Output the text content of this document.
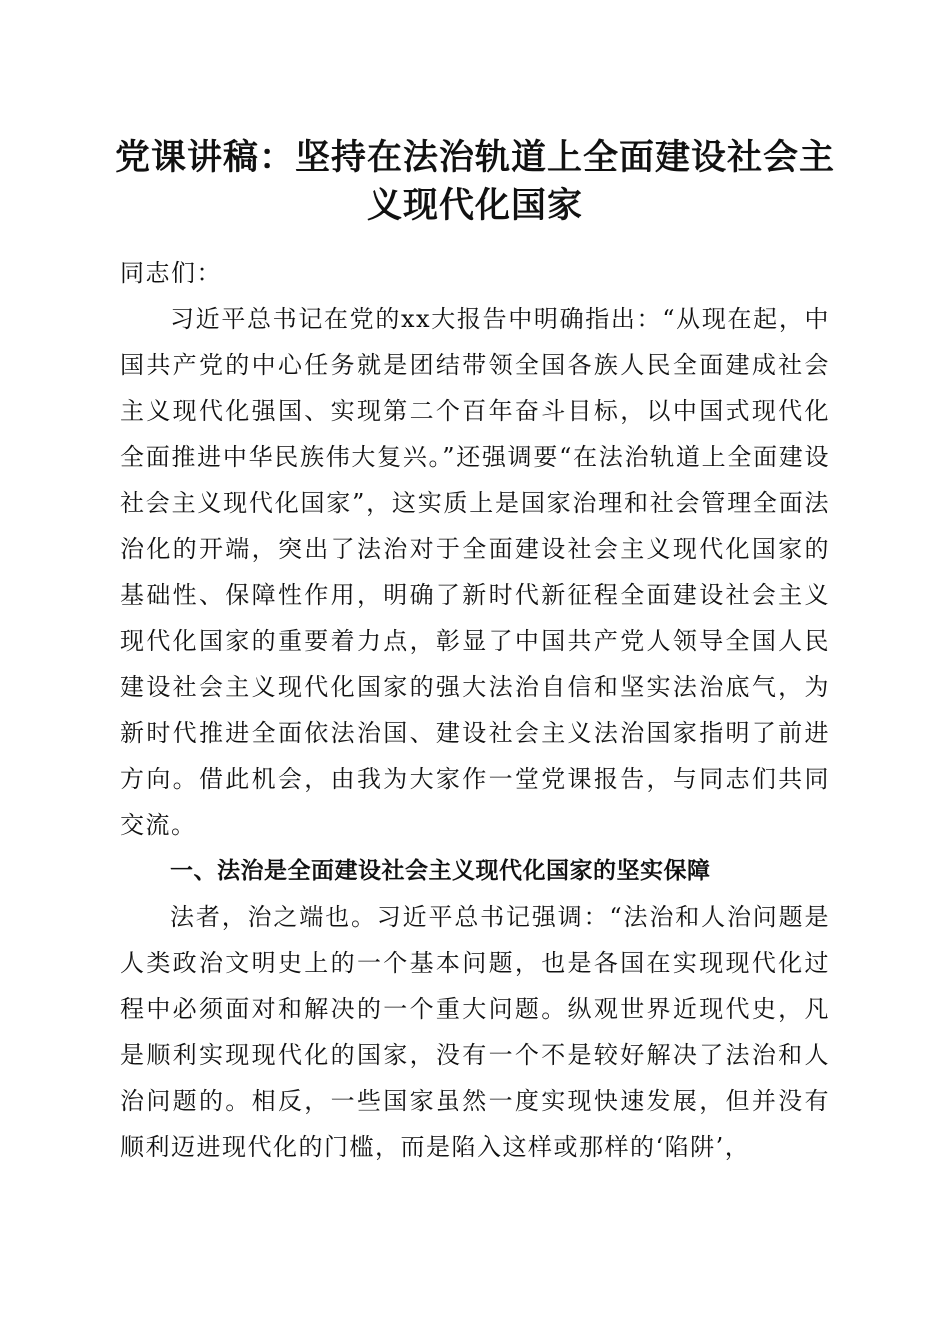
党课讲稿：坚持在法治轨道上全面建设社会主义现代化国家

同志们：

习近平总书记在党的xx大报告中明确指出：“从现在起，中国共产党的中心任务就是团结带领全国各族人民全面建成社会主义现代化强国、实现第二个百年奋斗目标，以中国式现代化全面推进中华民族伟大复兴。”还强调要“在法治轨道上全面建设社会主义现代化国家”，这实质上是国家治理和社会管理全面法治化的开端，突出了法治对于全面建设社会主义现代化国家的基础性、保障性作用，明确了新时代新征程全面建设社会主义现代化国家的重要着力点，彰显了中国共产党人领导全国人民建设社会主义现代化国家的强大法治自信和坚实法治底气，为新时代推进全面依法治国、建设社会主义法治国家指明了前进方向。借此机会，由我为大家作一堂党课报告，与同志们共同交流。

一、法治是全面建设社会主义现代化国家的坚实保障

法者，治之端也。习近平总书记强调：“法治和人治问题是人类政治文明史上的一个基本问题，也是各国在实现现代化过程中必须面对和解决的一个重大问题。纵观世界近现代史，凡是顺利实现现代化的国家，没有一个不是较好解决了法治和人治问题的。相反，一些国家虽然一度实现快速发展，但并没有顺利迈进现代化的门槛，而是陷入这样或那样的‘陷阱’，
